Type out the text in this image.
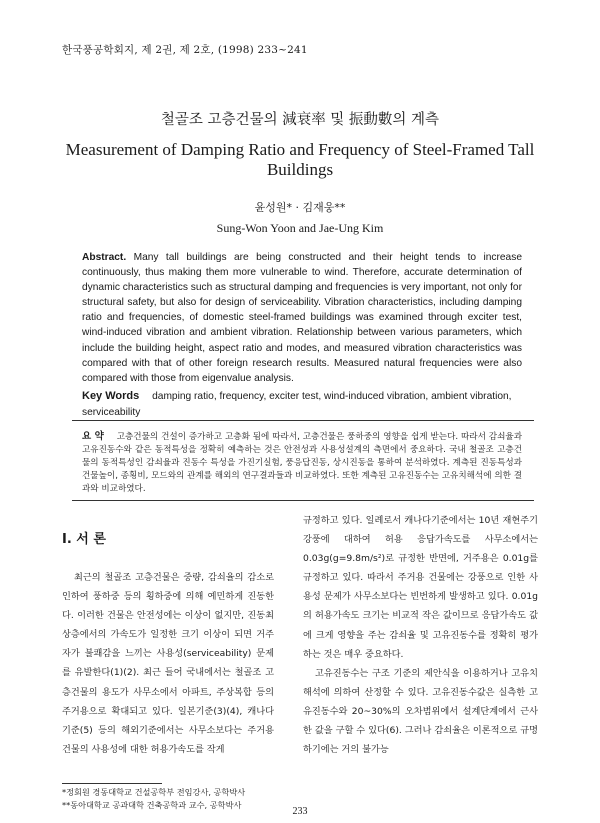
한국풍공학회지, 제 2권, 제 2호, (1998) 233~241
철골조 고층건물의 減衰率 및 振動數의 계측
Measurement of Damping Ratio and Frequency of Steel-Framed Tall Buildings
윤성원* · 김재웅**
Sung-Won Yoon and Jae-Ung Kim
Abstract. Many tall buildings are being constructed and their height tends to increase continuously, thus making them more vulnerable to wind. Therefore, accurate determination of dynamic characteristics such as structural damping and frequencies is very important, not only for structural safety, but also for design of serviceability. Vibration characteristics, including damping ratio and frequencies, of domestic steel-framed buildings was examined through exciter test, wind-induced vibration and ambient vibration. Relationship between various parameters, which include the building height, aspect ratio and modes, and measured vibration characteristics was compared with that of other foreign research results. Measured natural frequencies were also compared with those from eigenvalue analysis.
Key Words damping ratio, frequency, exciter test, wind-induced vibration, ambient vibration, serviceability
요 약 고층건물의 건설이 증가하고 고층화 됨에 따라서, 고층건물은 풍하중의 영향을 쉽게 받는다. 따라서 감쇠율과 고유진동수와 같은 동적특성을 정확히 예측하는 것은 안전성과 사용성설계의 측면에서 중요하다. 국내 철골조 고층건물의 동적특성인 감쇠율과 진동수 특성을 가진기실험, 풍응답진동, 상시진동을 통하여 분석하였다. 계측된 진동특성과 건물높이, 종횡비, 모드와의 관계를 해외의 연구결과들과 비교하였다. 또한 계측된 고유진동수는 고유치해석에 의한 결과와 비교하였다.
I. 서 론

최근의 철골조 고층건물은 중량, 감쇠율의 감소로 인하여 풍하중 등의 횡하중에 의해 예민하게 진동한다. 이러한 건물은 안전성에는 이상이 없지만, 진동최상층에서의 가속도가 일정한 크기 이상이 되면 거주자가 불쾌감을 느끼는 사용성(serviceability) 문제를 유발한다(1)(2). 최근 들어 국내에서는 철골조 고층건물의 용도가 사무소에서 아파트, 주상복합 등의 주거용으로 확대되고 있다. 일본기준(3)(4), 캐나다기준(5) 등의 해외기준에서는 사무소보다는 주거용 건물의 사용성에 대한 허용가속도를 작게

규정하고 있다. 일례로서 캐나다기준에서는 10년 재현주기 강풍에 대하여 허용 응답가속도를 사무소에서는 0.03g(g=9.8m/s²)로 규정한 반면에, 거주용은 0.01g를 규정하고 있다. 따라서 주거용 건물에는 강풍으로 인한 사용성 문제가 사무소보다는 빈번하게 발생하고 있다. 0.01g의 허용가속도 크기는 비교적 작은 값이므로 응답가속도 값에 크게 영향을 주는 감쇠율 및 고유진동수를 정확히 평가하는 것은 매우 중요하다.

고유진동수는 구조 기준의 제안식을 이용하거나 고유치해석에 의하여 산정할 수 있다. 고유진동수값은 실측한 고유진동수와 20~30%의 오차범위에서 설계단계에서 근사한 값을 구할 수 있다(6). 그러나 감쇠율은 이론적으로 규명하기에는 거의 불가능

*정회원 경동대학교 건설공학부 전임강사, 공학박사
**동아대학교 공과대학 건축공학과 교수, 공학박사
233
